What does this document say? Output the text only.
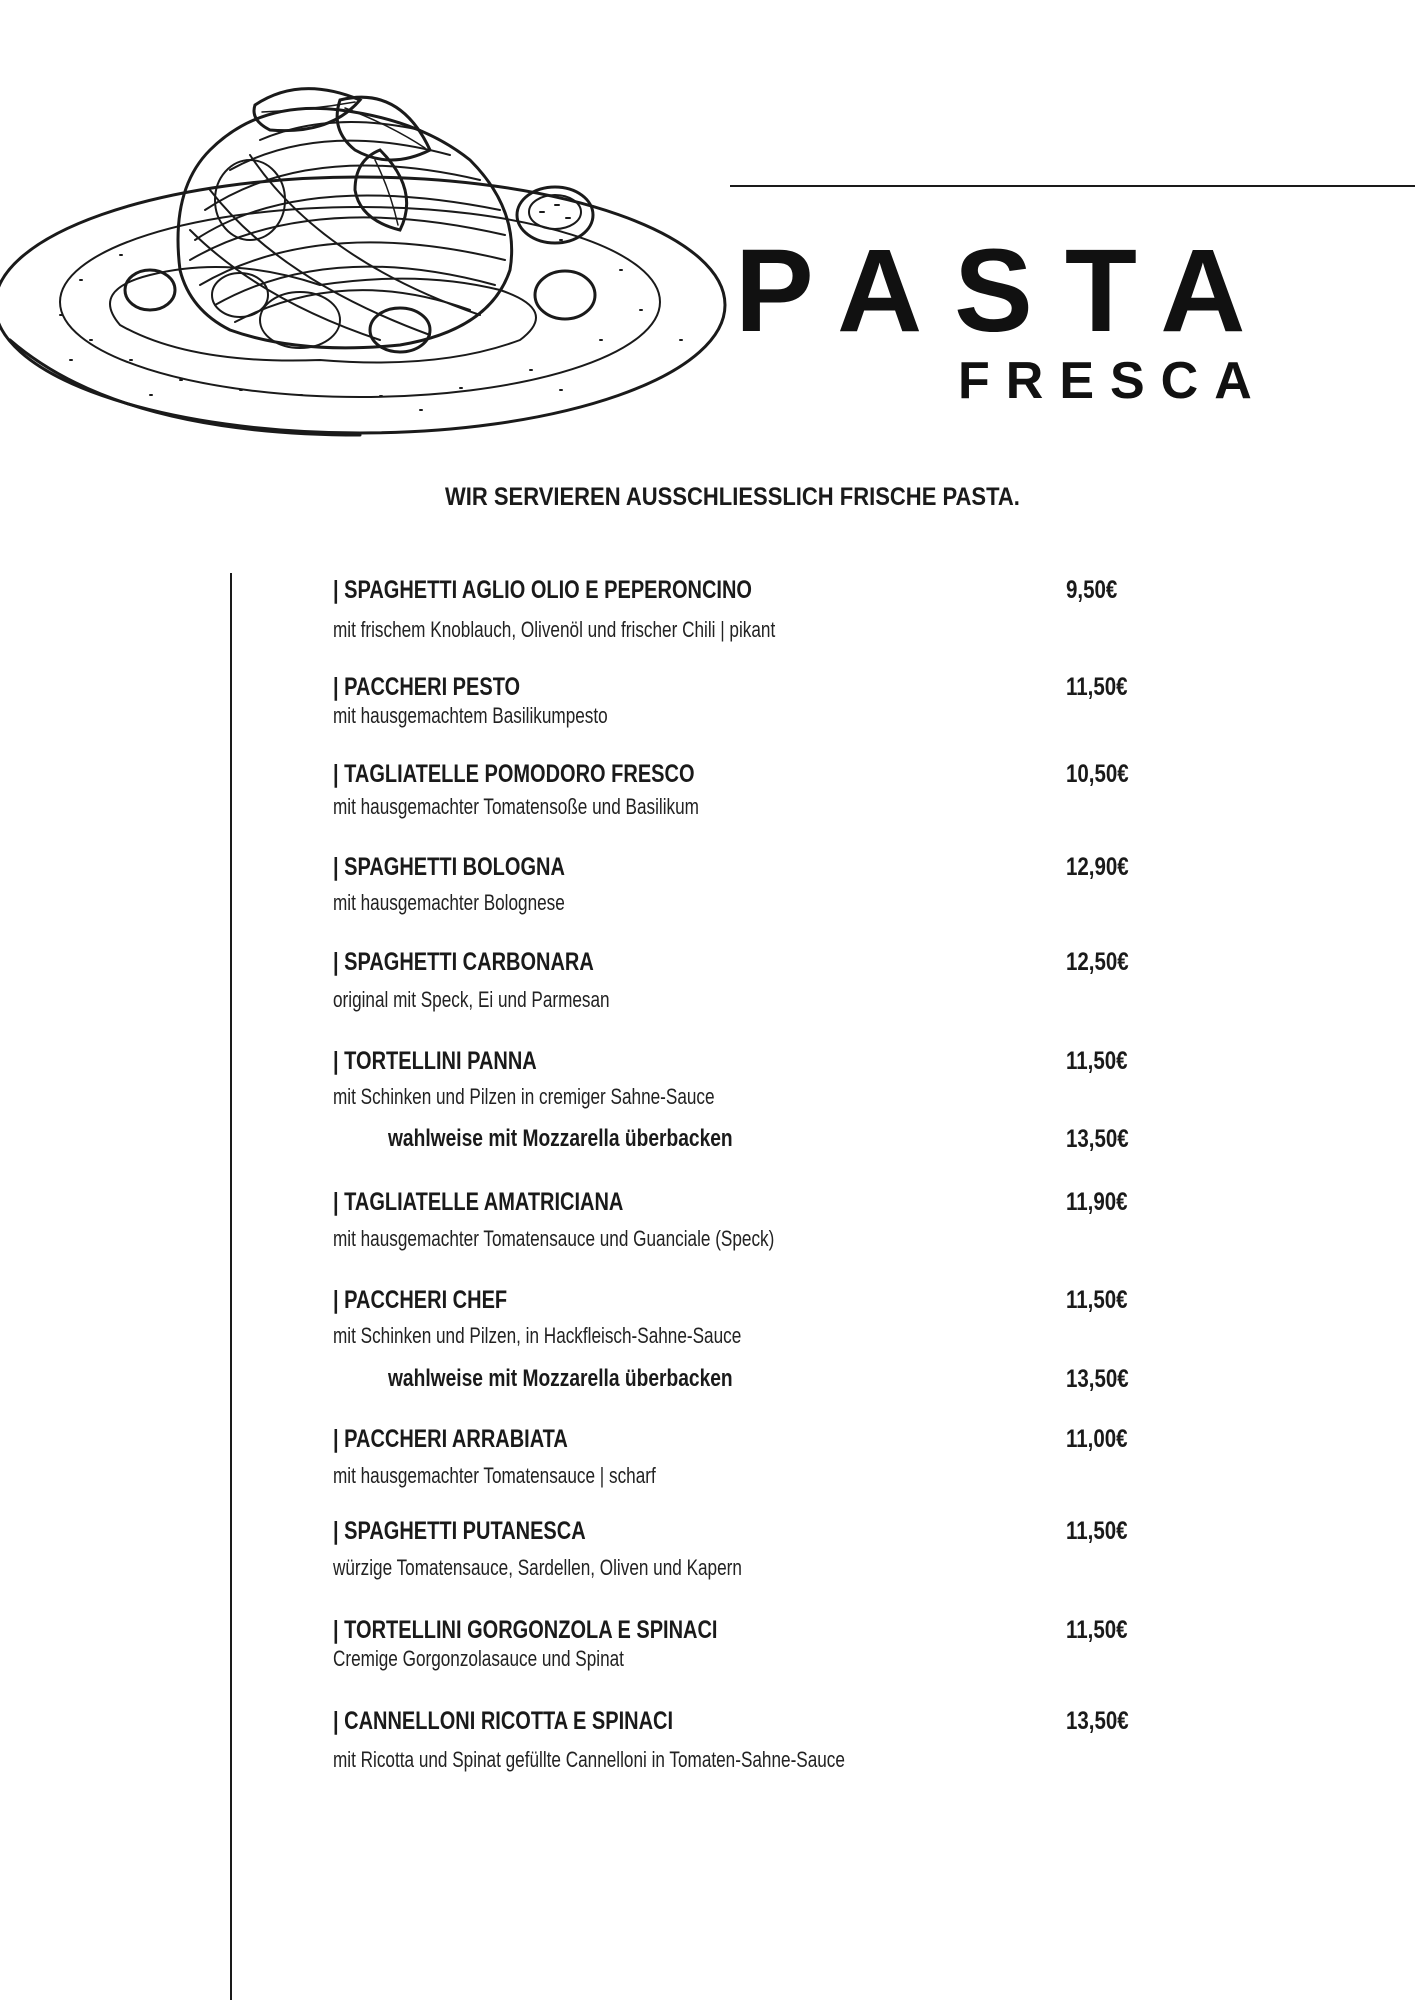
PASTA
FRESCA
WIR SERVIEREN AUSSCHLIESSLICH FRISCHE PASTA.
| SPAGHETTI AGLIO OLIO E PEPERONCINO
mit frischem Knoblauch, Olivenöl und frischer Chili | pikant
9,50€
| PACCHERI PESTO
mit hausgemachtem Basilikumpesto
11,50€
| TAGLIATELLE POMODORO FRESCO
mit hausgemachter Tomatensoße und Basilikum
10,50€
| SPAGHETTI BOLOGNA
mit hausgemachter Bolognese
12,90€
| SPAGHETTI CARBONARA
original mit Speck, Ei und Parmesan
12,50€
| TORTELLINI PANNA
mit Schinken und Pilzen in cremiger Sahne-Sauce
11,50€
wahlweise mit Mozzarella überbacken	13,50€
| TAGLIATELLE AMATRICIANA
mit hausgemachter Tomatensauce und Guanciale (Speck)
11,90€
| PACCHERI CHEF
mit Schinken und Pilzen, in Hackfleisch-Sahne-Sauce
11,50€
wahlweise mit Mozzarella überbacken	13,50€
| PACCHERI ARRABIATA
mit hausgemachter Tomatensauce | scharf
11,00€
| SPAGHETTI PUTANESCA
würzige Tomatensauce, Sardellen, Oliven und Kapern
11,50€
| TORTELLINI GORGONZOLA E SPINACI
Cremige Gorgonzolasauce und Spinat
11,50€
| CANNELLONI RICOTTA E SPINACI
mit Ricotta und Spinat gefüllte Cannelloni in Tomaten-Sahne-Sauce
13,50€
